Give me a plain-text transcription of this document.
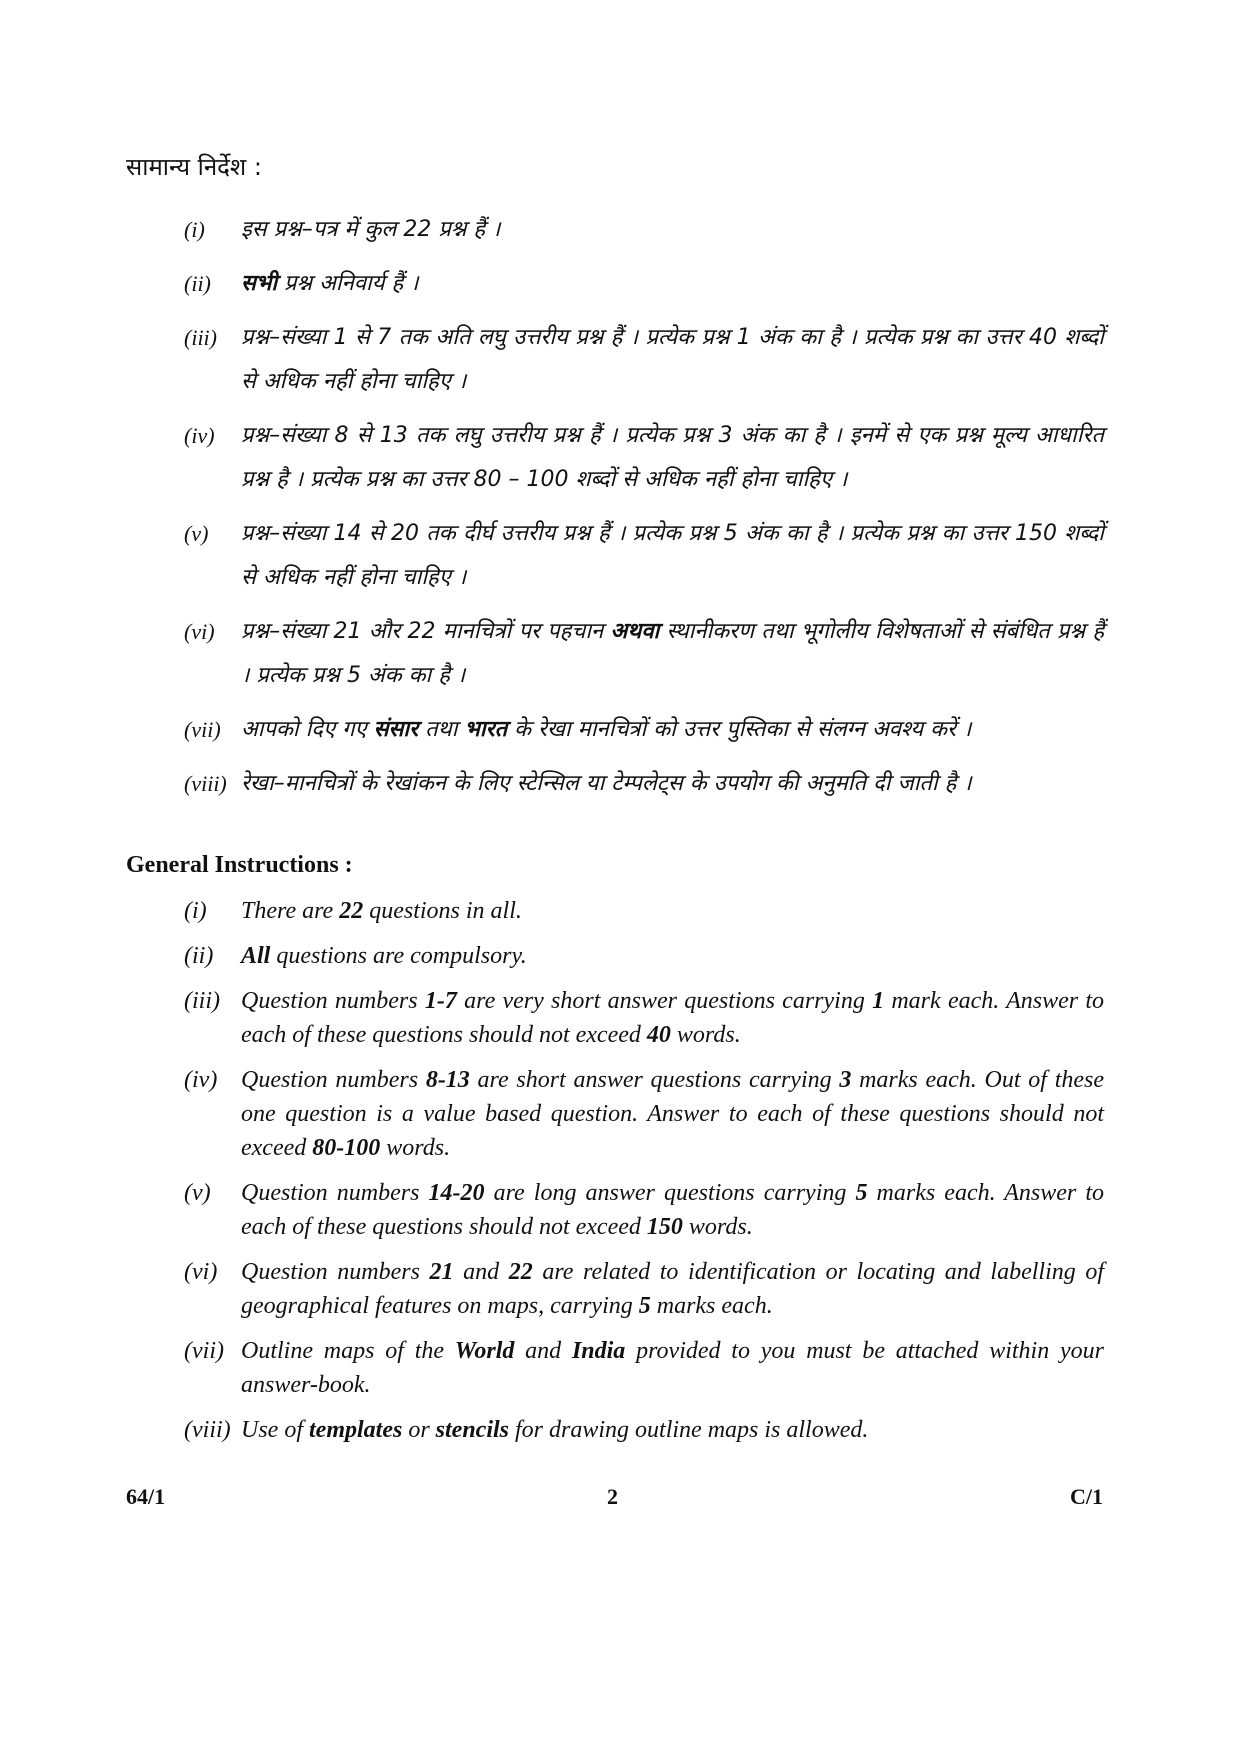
सामान्य निर्देश :
(i)	इस प्रश्न–पत्र में कुल 22 प्रश्न हैं ।
(ii)	सभी प्रश्न अनिवार्य हैं ।
(iii)	प्रश्न–संख्या 1 से 7 तक अति लघु उत्तरीय प्रश्न हैं । प्रत्येक प्रश्न 1 अंक का है । प्रत्येक प्रश्न का उत्तर 40 शब्दों से अधिक नहीं होना चाहिए ।
(iv)	प्रश्न–संख्या 8 से 13 तक लघु उत्तरीय प्रश्न हैं । प्रत्येक प्रश्न 3 अंक का है । इनमें से एक प्रश्न मूल्य आधारित प्रश्न है । प्रत्येक प्रश्न का उत्तर 80 – 100 शब्दों से अधिक नहीं होना चाहिए ।
(v)	प्रश्न–संख्या 14 से 20 तक दीर्घ उत्तरीय प्रश्न हैं । प्रत्येक प्रश्न 5 अंक का है । प्रत्येक प्रश्न का उत्तर 150 शब्दों से अधिक नहीं होना चाहिए ।
(vi)	प्रश्न–संख्या 21 और 22 मानचित्रों पर पहचान अथवा स्थानीकरण तथा भूगोलीय विशेषताओं से संबंधित प्रश्न हैं । प्रत्येक प्रश्न 5 अंक का है ।
(vii) आपको दिए गए संसार तथा भारत के रेखा मानचित्रों को उत्तर पुस्तिका से संलग्न अवश्य करें ।
(viii) रेखा–मानचित्रों के रेखांकन के लिए स्टेन्सिल या टेम्पलेट्स के उपयोग की अनुमति दी जाती है ।
General Instructions :
(i)	There are 22 questions in all.
(ii)	All questions are compulsory.
(iii) Question numbers 1-7 are very short answer questions carrying 1 mark each. Answer to each of these questions should not exceed 40 words.
(iv) Question numbers 8-13 are short answer questions carrying 3 marks each. Out of these one question is a value based question. Answer to each of these questions should not exceed 80-100 words.
(v)	Question numbers 14-20 are long answer questions carrying 5 marks each. Answer to each of these questions should not exceed 150 words.
(vi) Question numbers 21 and 22 are related to identification or locating and labelling of geographical features on maps, carrying 5 marks each.
(vii) Outline maps of the World and India provided to you must be attached within your answer-book.
(viii) Use of templates or stencils for drawing outline maps is allowed.
64/1	2	C/1
